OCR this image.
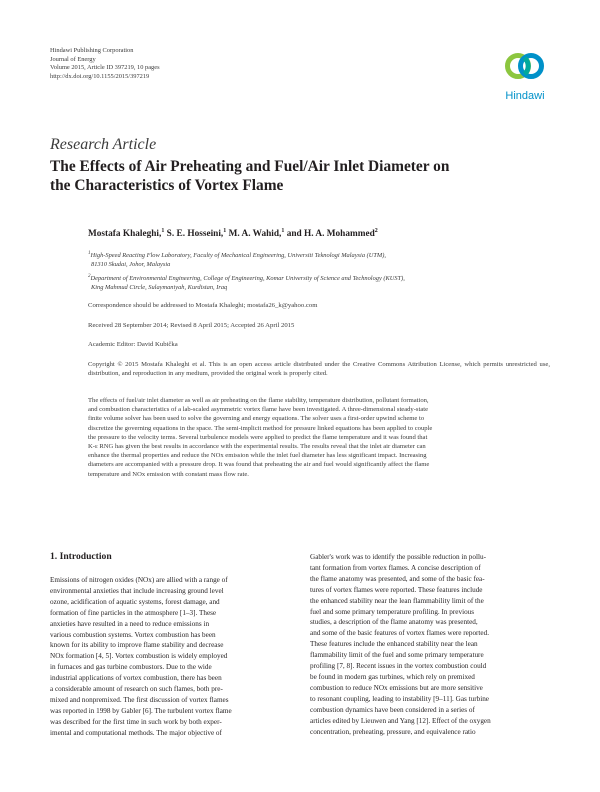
Hindawi Publishing Corporation
Journal of Energy
Volume 2015, Article ID 397219, 10 pages
http://dx.doi.org/10.1155/2015/397219
Hindawi
Research Article
The Effects of Air Preheating and Fuel/Air Inlet Diameter on
the Characteristics of Vortex Flame
Mostafa Khaleghi,$^1$ S. E. Hosseini,$^1$ M. A. Wahid,$^1$ and H. A. Mohammed$^2$
$^1$High-Speed Reacting Flow Laboratory, Faculty of Mechanical Engineering, Universiti Teknologi Malaysia (UTM),
81310 Skudai, Johor, Malaysia
$^2$Department of Environmental Engineering, College of Engineering, Komar University of Science and Technology (KUST),
King Mahmud Circle, Sulaymaniyah, Kurdistan, Iraq
Correspondence should be addressed to Mostafa Khaleghi; mostafa26_k@yahoo.com
Received 28 September 2014; Revised 8 April 2015; Accepted 26 April 2015
Academic Editor: David Kubička
Copyright © 2015 Mostafa Khaleghi et al. This is an open access article distributed under the Creative Commons Attribution License, which permits unrestricted use, distribution, and reproduction in any medium, provided the original work is properly cited.
The effects of fuel/air inlet diameter as well as air preheating on the flame stability, temperature distribution, pollutant formation,
and combustion characteristics of a lab-scaled asymmetric vortex flame have been investigated. A three-dimensional steady-state
finite volume solver has been used to solve the governing and energy equations. The solver uses a first-order upwind scheme to
discretize the governing equations in the space. The semi-implicit method for pressure linked equations has been applied to couple
the pressure to the velocity terms. Several turbulence models were applied to predict the flame temperature and it was found that
K-ε RNG has given the best results in accordance with the experimental results. The results reveal that the inlet air diameter can
enhance the thermal properties and reduce the NOx emission while the inlet fuel diameter has less significant impact. Increasing
diameters are accompanied with a pressure drop. It was found that preheating the air and fuel would significantly affect the flame
temperature and NOx emission with constant mass flow rate.
1. Introduction
Emissions of nitrogen oxides (NOx) are allied with a range of
environmental anxieties that include increasing ground level
ozone, acidification of aquatic systems, forest damage, and
formation of fine particles in the atmosphere [1–3]. These
anxieties have resulted in a need to reduce emissions in
various combustion systems. Vortex combustion has been
known for its ability to improve flame stability and decrease
NOx formation [4, 5]. Vortex combustion is widely employed
in furnaces and gas turbine combustors. Due to the wide
industrial applications of vortex combustion, there has been
a considerable amount of research on such flames, both pre-
mixed and nonpremixed. The first discussion of vortex flames
was reported in 1998 by Gabler [6]. The turbulent vortex flame
was described for the first time in such work by both exper-
imental and computational methods. The major objective of
Gabler's work was to identify the possible reduction in pollu-
tant formation from vortex flames. A concise description of
the flame anatomy was presented, and some of the basic fea-
tures of vortex flames were reported. These features include
the enhanced stability near the lean flammability limit of the
fuel and some primary temperature profiling. In previous
studies, a description of the flame anatomy was presented,
and some of the basic features of vortex flames were reported.
These features include the enhanced stability near the lean
flammability limit of the fuel and some primary temperature
profiling [7, 8]. Recent issues in the vortex combustion could
be found in modern gas turbines, which rely on premixed
combustion to reduce NOx emissions but are more sensitive
to resonant coupling, leading to instability [9–11]. Gas turbine
combustion dynamics have been considered in a series of
articles edited by Lieuwen and Yang [12]. Effect of the oxygen
concentration, preheating, pressure, and equivalence ratio
